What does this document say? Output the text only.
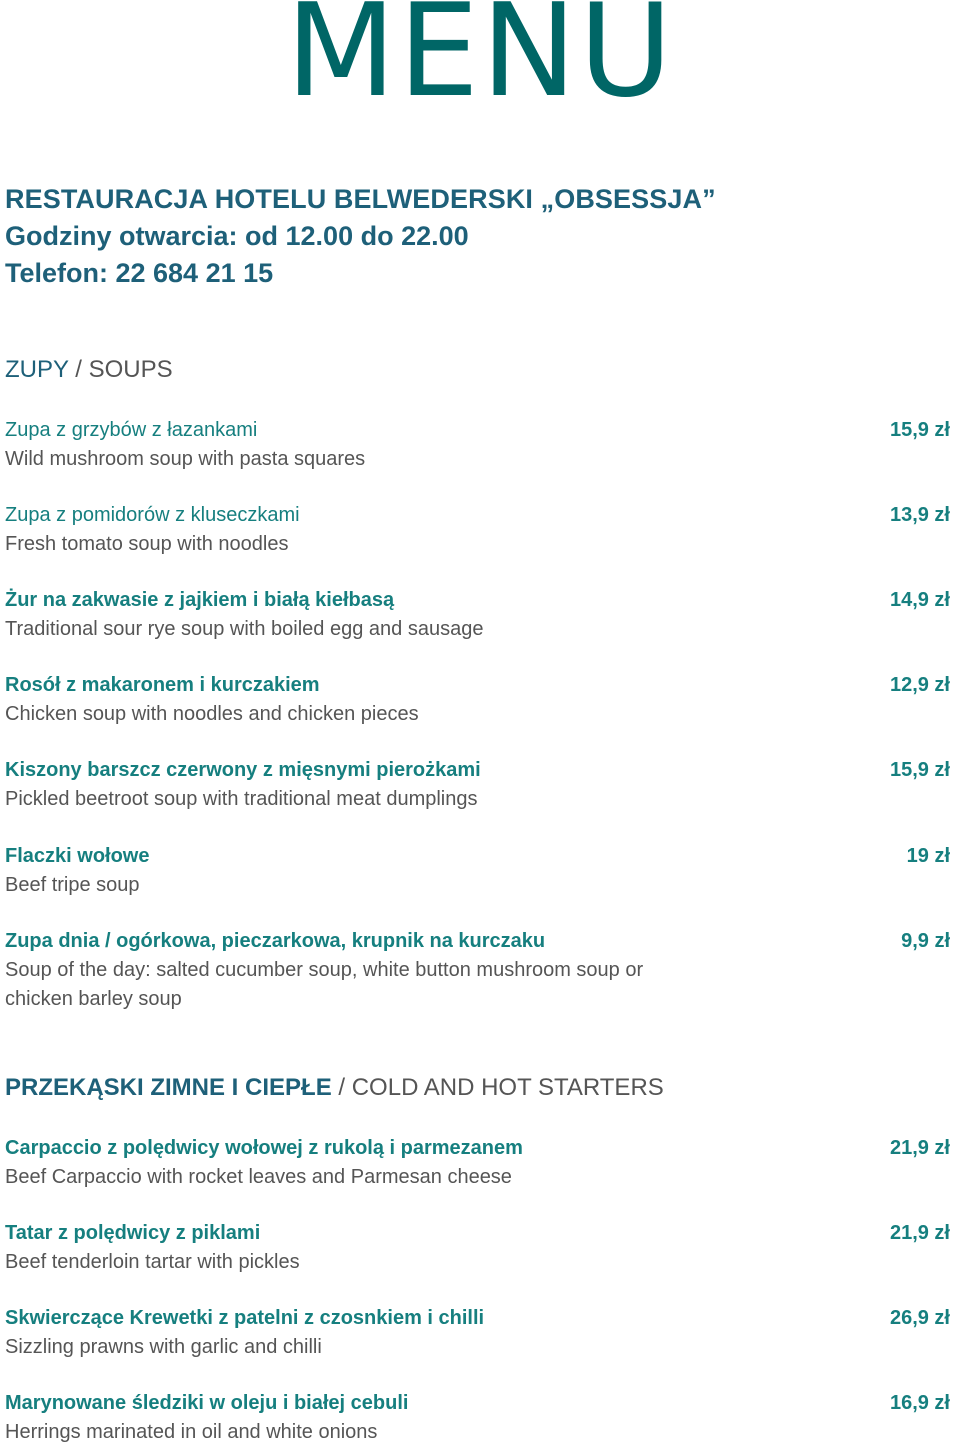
MENU
RESTAURACJA HOTELU BELWEDERSKI „OBSESSJA”
Godziny otwarcia: od 12.00 do 22.00
Telefon: 22 684 21 15
ZUPY / SOUPS
Zupa z grzybów z łazankami
Wild mushroom soup with pasta squares
15,9 zł
Zupa z pomidorów z kluseczkami
Fresh tomato soup with noodles
13,9 zł
Żur na zakwasie z jajkiem i białą kiełbasą
Traditional sour rye soup with boiled egg and sausage
14,9 zł
Rosół z makaronem i kurczakiem
Chicken soup with noodles and chicken pieces
12,9 zł
Kiszony barszcz czerwony z mięsnymi pierożkami
Pickled beetroot soup with traditional meat dumplings
15,9 zł
Flaczki wołowe
Beef tripe soup
19 zł
Zupa dnia / ogórkowa, pieczarkowa, krupnik na kurczaku
Soup of the day: salted cucumber soup, white button mushroom soup or chicken barley soup
9,9 zł
PRZEKĄSKI ZIMNE I CIEPŁE / COLD AND HOT STARTERS
Carpaccio z polędwicy wołowej z rukolą i parmezanem
Beef Carpaccio with rocket leaves and Parmesan cheese
21,9 zł
Tatar z polędwicy z piklami
Beef tenderloin tartar with pickles
21,9 zł
Skwierczące Krewetki z patelni z czosnkiem i chilli
Sizzling prawns with garlic and chilli
26,9 zł
Marynowane śledziki w oleju i białej cebuli
Herrings marinated in oil and white onions
16,9 zł
